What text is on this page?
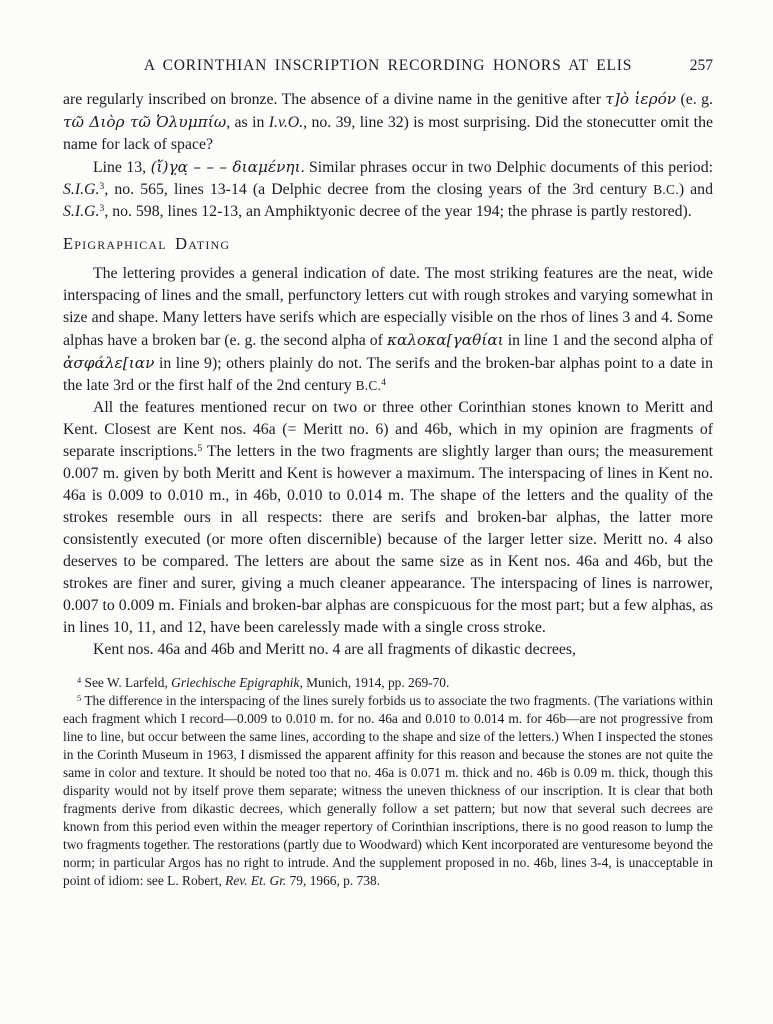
A CORINTHIAN INSCRIPTION RECORDING HONORS AT ELIS	257

are regularly inscribed on bronze. The absence of a divine name in the genitive after τ]ὸ ἱερόν (e. g. τῶ Διὸρ τῶ Ὀλυμπίω, as in I.v.O., no. 39, line 32) is most surprising. Did the stonecutter omit the name for lack of space?

Line 13, (ἴ)γ̣α̣ – – – διαμένηι. Similar phrases occur in two Delphic documents of this period: S.I.G.$^3$, no. 565, lines 13-14 (a Delphic decree from the closing years of the 3rd century B.C.) and S.I.G.$^3$, no. 598, lines 12-13, an Amphiktyonic decree of the year 194; the phrase is partly restored).

Epigraphical Dating

The lettering provides a general indication of date. The most striking features are the neat, wide interspacing of lines and the small, perfunctory letters cut with rough strokes and varying somewhat in size and shape. Many letters have serifs which are especially visible on the rhos of lines 3 and 4. Some alphas have a broken bar (e. g. the second alpha of καλοκα[γαθίαι in line 1 and the second alpha of ἀσφάλε[ιαν in line 9); others plainly do not. The serifs and the broken-bar alphas point to a date in the late 3rd or the first half of the 2nd century B.C.$^4$

All the features mentioned recur on two or three other Corinthian stones known to Meritt and Kent. Closest are Kent nos. 46a (= Meritt no. 6) and 46b, which in my opinion are fragments of separate inscriptions.$^5$ The letters in the two fragments are slightly larger than ours; the measurement 0.007 m. given by both Meritt and Kent is however a maximum. The interspacing of lines in Kent no. 46a is 0.009 to 0.010 m., in 46b, 0.010 to 0.014 m. The shape of the letters and the quality of the strokes resemble ours in all respects: there are serifs and broken-bar alphas, the latter more consistently executed (or more often discernible) because of the larger letter size. Meritt no. 4 also deserves to be compared. The letters are about the same size as in Kent nos. 46a and 46b, but the strokes are finer and surer, giving a much cleaner appearance. The interspacing of lines is narrower, 0.007 to 0.009 m. Finials and broken-bar alphas are conspicuous for the most part; but a few alphas, as in lines 10, 11, and 12, have been carelessly made with a single cross stroke.

Kent nos. 46a and 46b and Meritt no. 4 are all fragments of dikastic decrees,

$^4$ See W. Larfeld, Griechische Epigraphik, Munich, 1914, pp. 269-70.

$^5$ The difference in the interspacing of the lines surely forbids us to associate the two fragments. (The variations within each fragment which I record—0.009 to 0.010 m. for no. 46a and 0.010 to 0.014 m. for 46b—are not progressive from line to line, but occur between the same lines, according to the shape and size of the letters.) When I inspected the stones in the Corinth Museum in 1963, I dismissed the apparent affinity for this reason and because the stones are not quite the same in color and texture. It should be noted too that no. 46a is 0.071 m. thick and no. 46b is 0.09 m. thick, though this disparity would not by itself prove them separate; witness the uneven thickness of our inscription. It is clear that both fragments derive from dikastic decrees, which generally follow a set pattern; but now that several such decrees are known from this period even within the meager repertory of Corinthian inscriptions, there is no good reason to lump the two fragments together. The restorations (partly due to Woodward) which Kent incorporated are venturesome beyond the norm; in particular Argos has no right to intrude. And the supplement proposed in no. 46b, lines 3-4, is unacceptable in point of idiom: see L. Robert, Rev. Et. Gr. 79, 1966, p. 738.
